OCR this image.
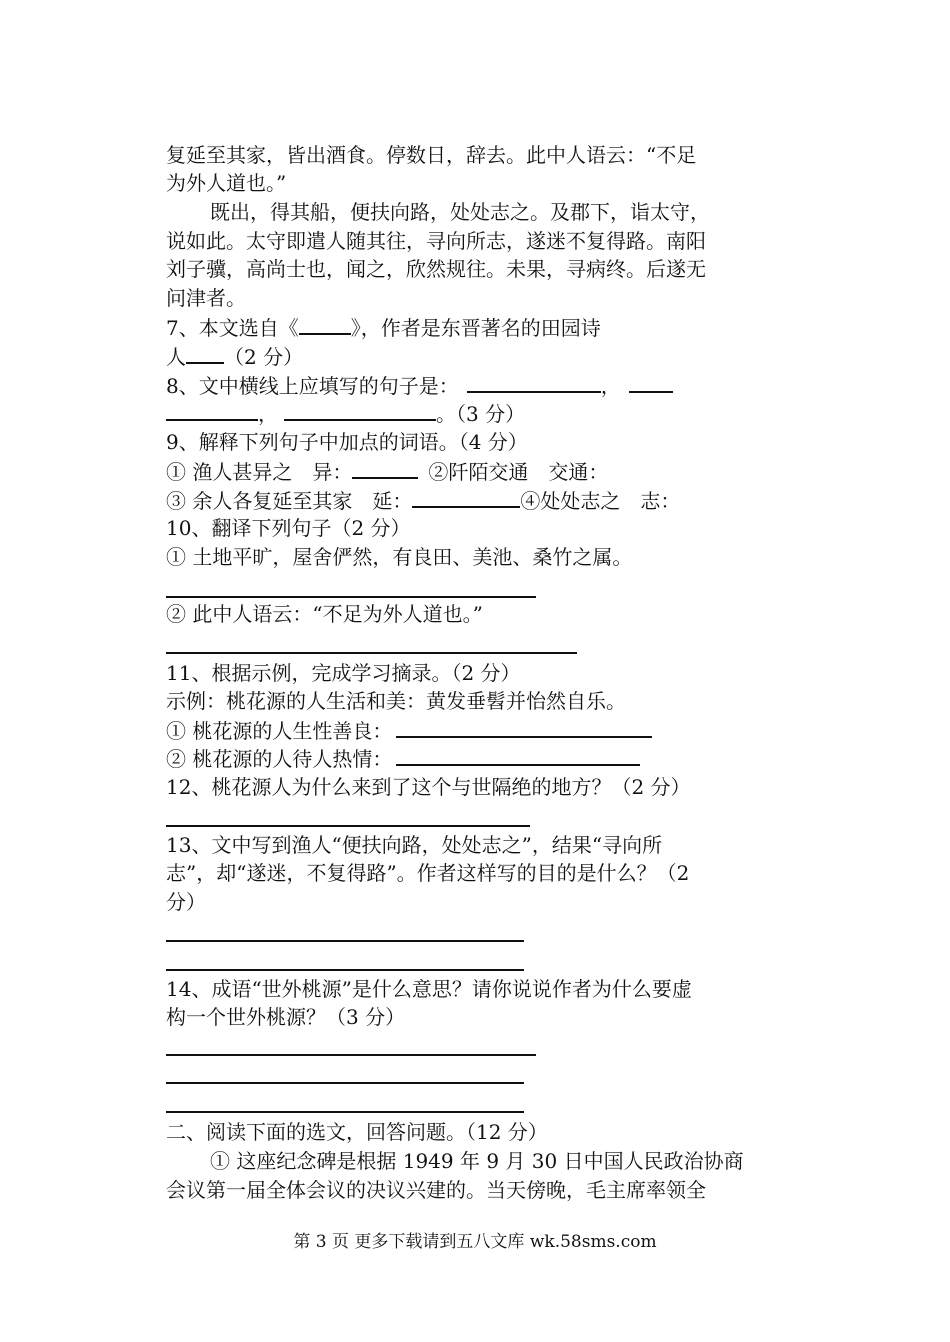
复延至其家，皆出酒食。停数日，辞去。此中人语云：“不足
为外人道也。”
既出，得其船，便扶向路，处处志之。及郡下，诣太守，
说如此。太守即遣人随其往，寻向所志，遂迷不复得路。南阳
刘子骥，高尚士也，闻之，欣然规往。未果，寻病终。后遂无
问津者。
7、本文选自《	》，作者是东晋著名的田园诗
人 （2 分）
8、文中横线上应填写的句子是：	，
，	。（3 分）
9、解释下列句子中加点的词语。（4 分）
① 渔人甚异之　异：	②阡陌交通　交通：
③ 余人各复延至其家　延：	④处处志之　志：
10、翻译下列句子（2 分）
① 土地平旷，屋舍俨然，有良田、美池、桑竹之属。
② 此中人语云：“不足为外人道也。”
11、根据示例，完成学习摘录。（2 分）
示例：桃花源的人生活和美：黄发垂髫并怡然自乐。
① 桃花源的人生性善良：
② 桃花源的人待人热情：
12、桃花源人为什么来到了这个与世隔绝的地方？（2 分）
13、文中写到渔人“便扶向路，处处志之”，结果“寻向所
志”，却“遂迷，不复得路”。作者这样写的目的是什么？（2
分）
14、成语“世外桃源”是什么意思？请你说说作者为什么要虚
构一个世外桃源？（3 分）
二、阅读下面的选文，回答问题。（12 分）
① 这座纪念碑是根据 1949 年 9 月 30 日中国人民政治协商
会议第一届全体会议的决议兴建的。当天傍晚，毛主席率领全
第 3 页 更多下载请到五八文库 wk.58sms.com
